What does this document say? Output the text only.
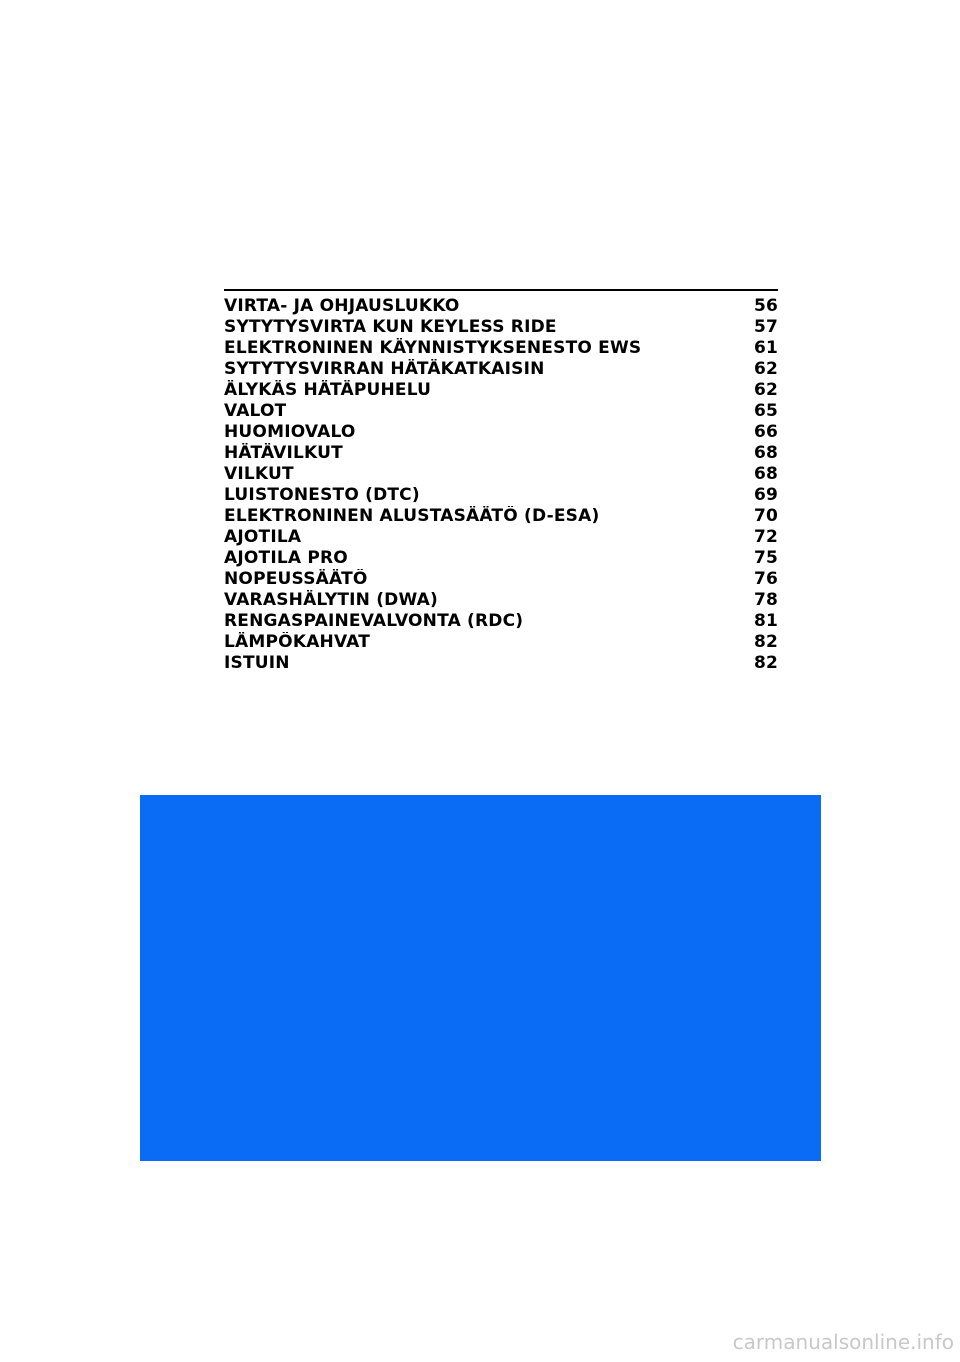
VIRTA- JA OHJAUSLUKKO	56
SYTYTYSVIRTA KUN KEYLESS RIDE	57
ELEKTRONINEN KÄYNNISTYKSENESTO EWS	61
SYTYTYSVIRRAN HÄTÄKATKAISIN	62
ÄLYKÄS HÄTÄPUHELU	62
VALOT	65
HUOMIOVALO	66
HÄTÄVILKUT	68
VILKUT	68
LUISTONESTO (DTC)	69
ELEKTRONINEN ALUSTASÄÄTÖ (D-ESA)	70
AJOTILA	72
AJOTILA PRO	75
NOPEUSSÄÄTÖ	76
VARASHÄLYTIN (DWA)	78
RENGASPAINEVALVONTA (RDC)	81
LÄMPÖKAHVAT	82
ISTUIN	82
carmanualsonline.info
